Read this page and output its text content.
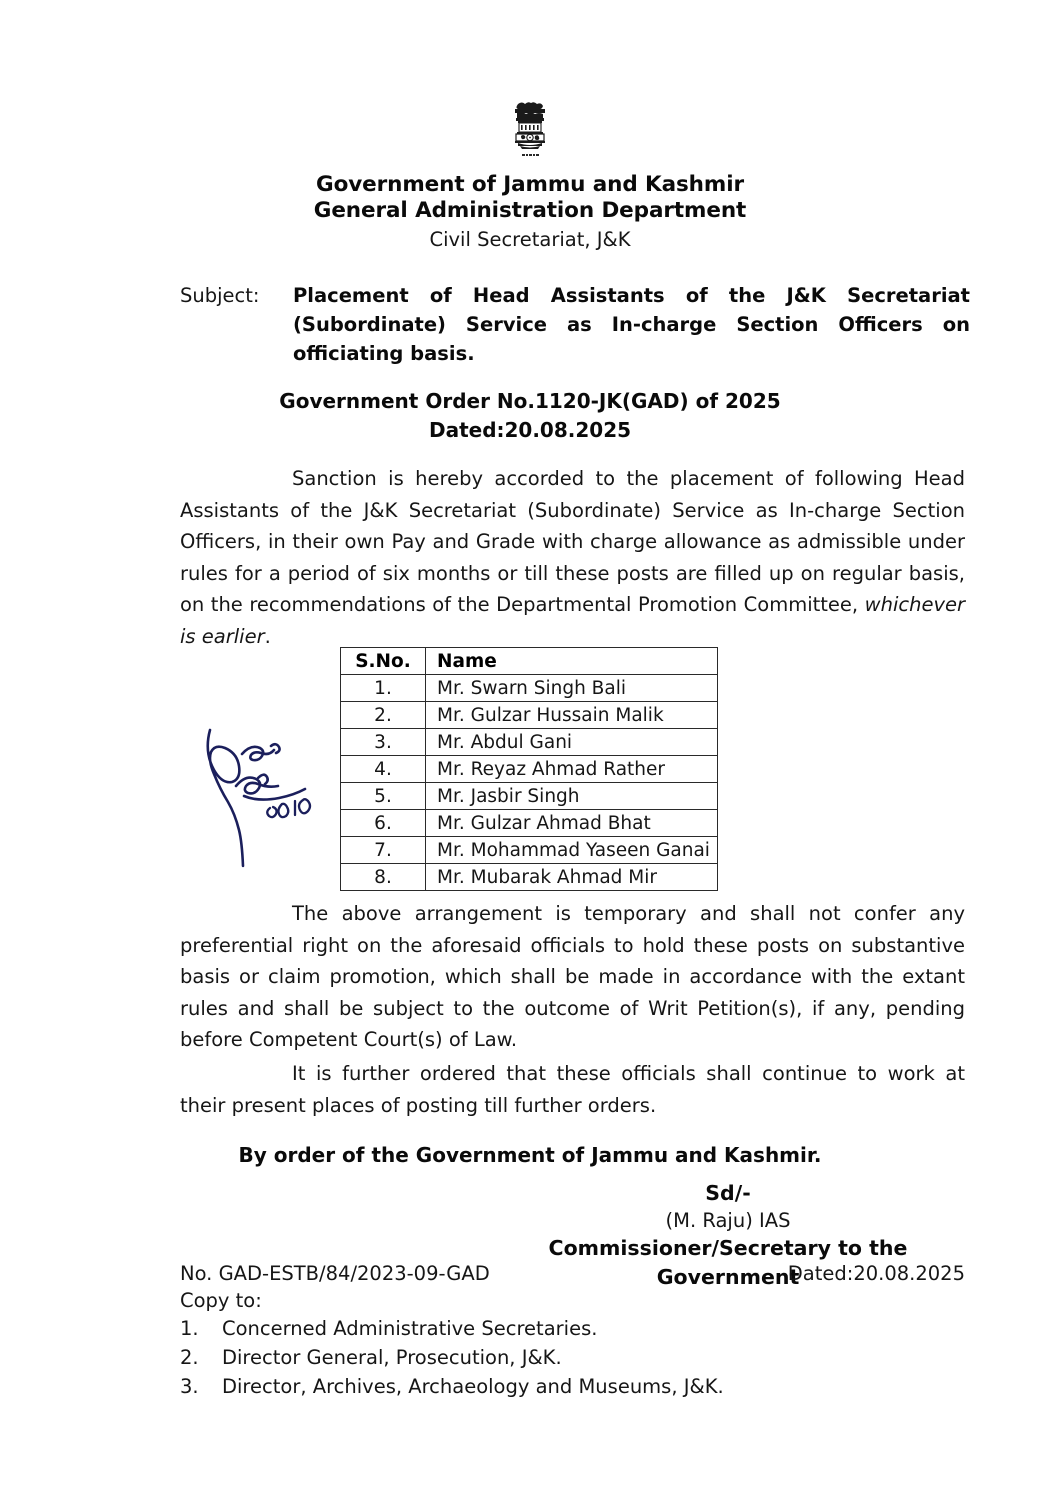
Government of Jammu and Kashmir
General Administration Department
Civil Secretariat, J&K
Subject:	Placement of Head Assistants of the J&K Secretariat (Subordinate) Service as In-charge Section Officers on officiating basis.
Government Order No.1120-JK(GAD) of 2025
Dated:20.08.2025
Sanction is hereby accorded to the placement of following Head Assistants of the J&K Secretariat (Subordinate) Service as In-charge Section Officers, in their own Pay and Grade with charge allowance as admissible under rules for a period of six months or till these posts are filled up on regular basis, on the recommendations of the Departmental Promotion Committee, whichever is earlier.
S.No.	Name
1.	Mr. Swarn Singh Bali
2.	Mr. Gulzar Hussain Malik
3.	Mr. Abdul Gani
4.	Mr. Reyaz Ahmad Rather
5.	Mr. Jasbir Singh
6.	Mr. Gulzar Ahmad Bhat
7.	Mr. Mohammad Yaseen Ganai
8.	Mr. Mubarak Ahmad Mir
The above arrangement is temporary and shall not confer any preferential right on the aforesaid officials to hold these posts on substantive basis or claim promotion, which shall be made in accordance with the extant rules and shall be subject to the outcome of Writ Petition(s), if any, pending before Competent Court(s) of Law.
It is further ordered that these officials shall continue to work at their present places of posting till further orders.
By order of the Government of Jammu and Kashmir.
Sd/-
(M. Raju) IAS
Commissioner/Secretary to the Government
No. GAD-ESTB/84/2023-09-GAD	Dated:20.08.2025
Copy to:
1.	Concerned Administrative Secretaries.
2.	Director General, Prosecution, J&K.
3.	Director, Archives, Archaeology and Museums, J&K.
